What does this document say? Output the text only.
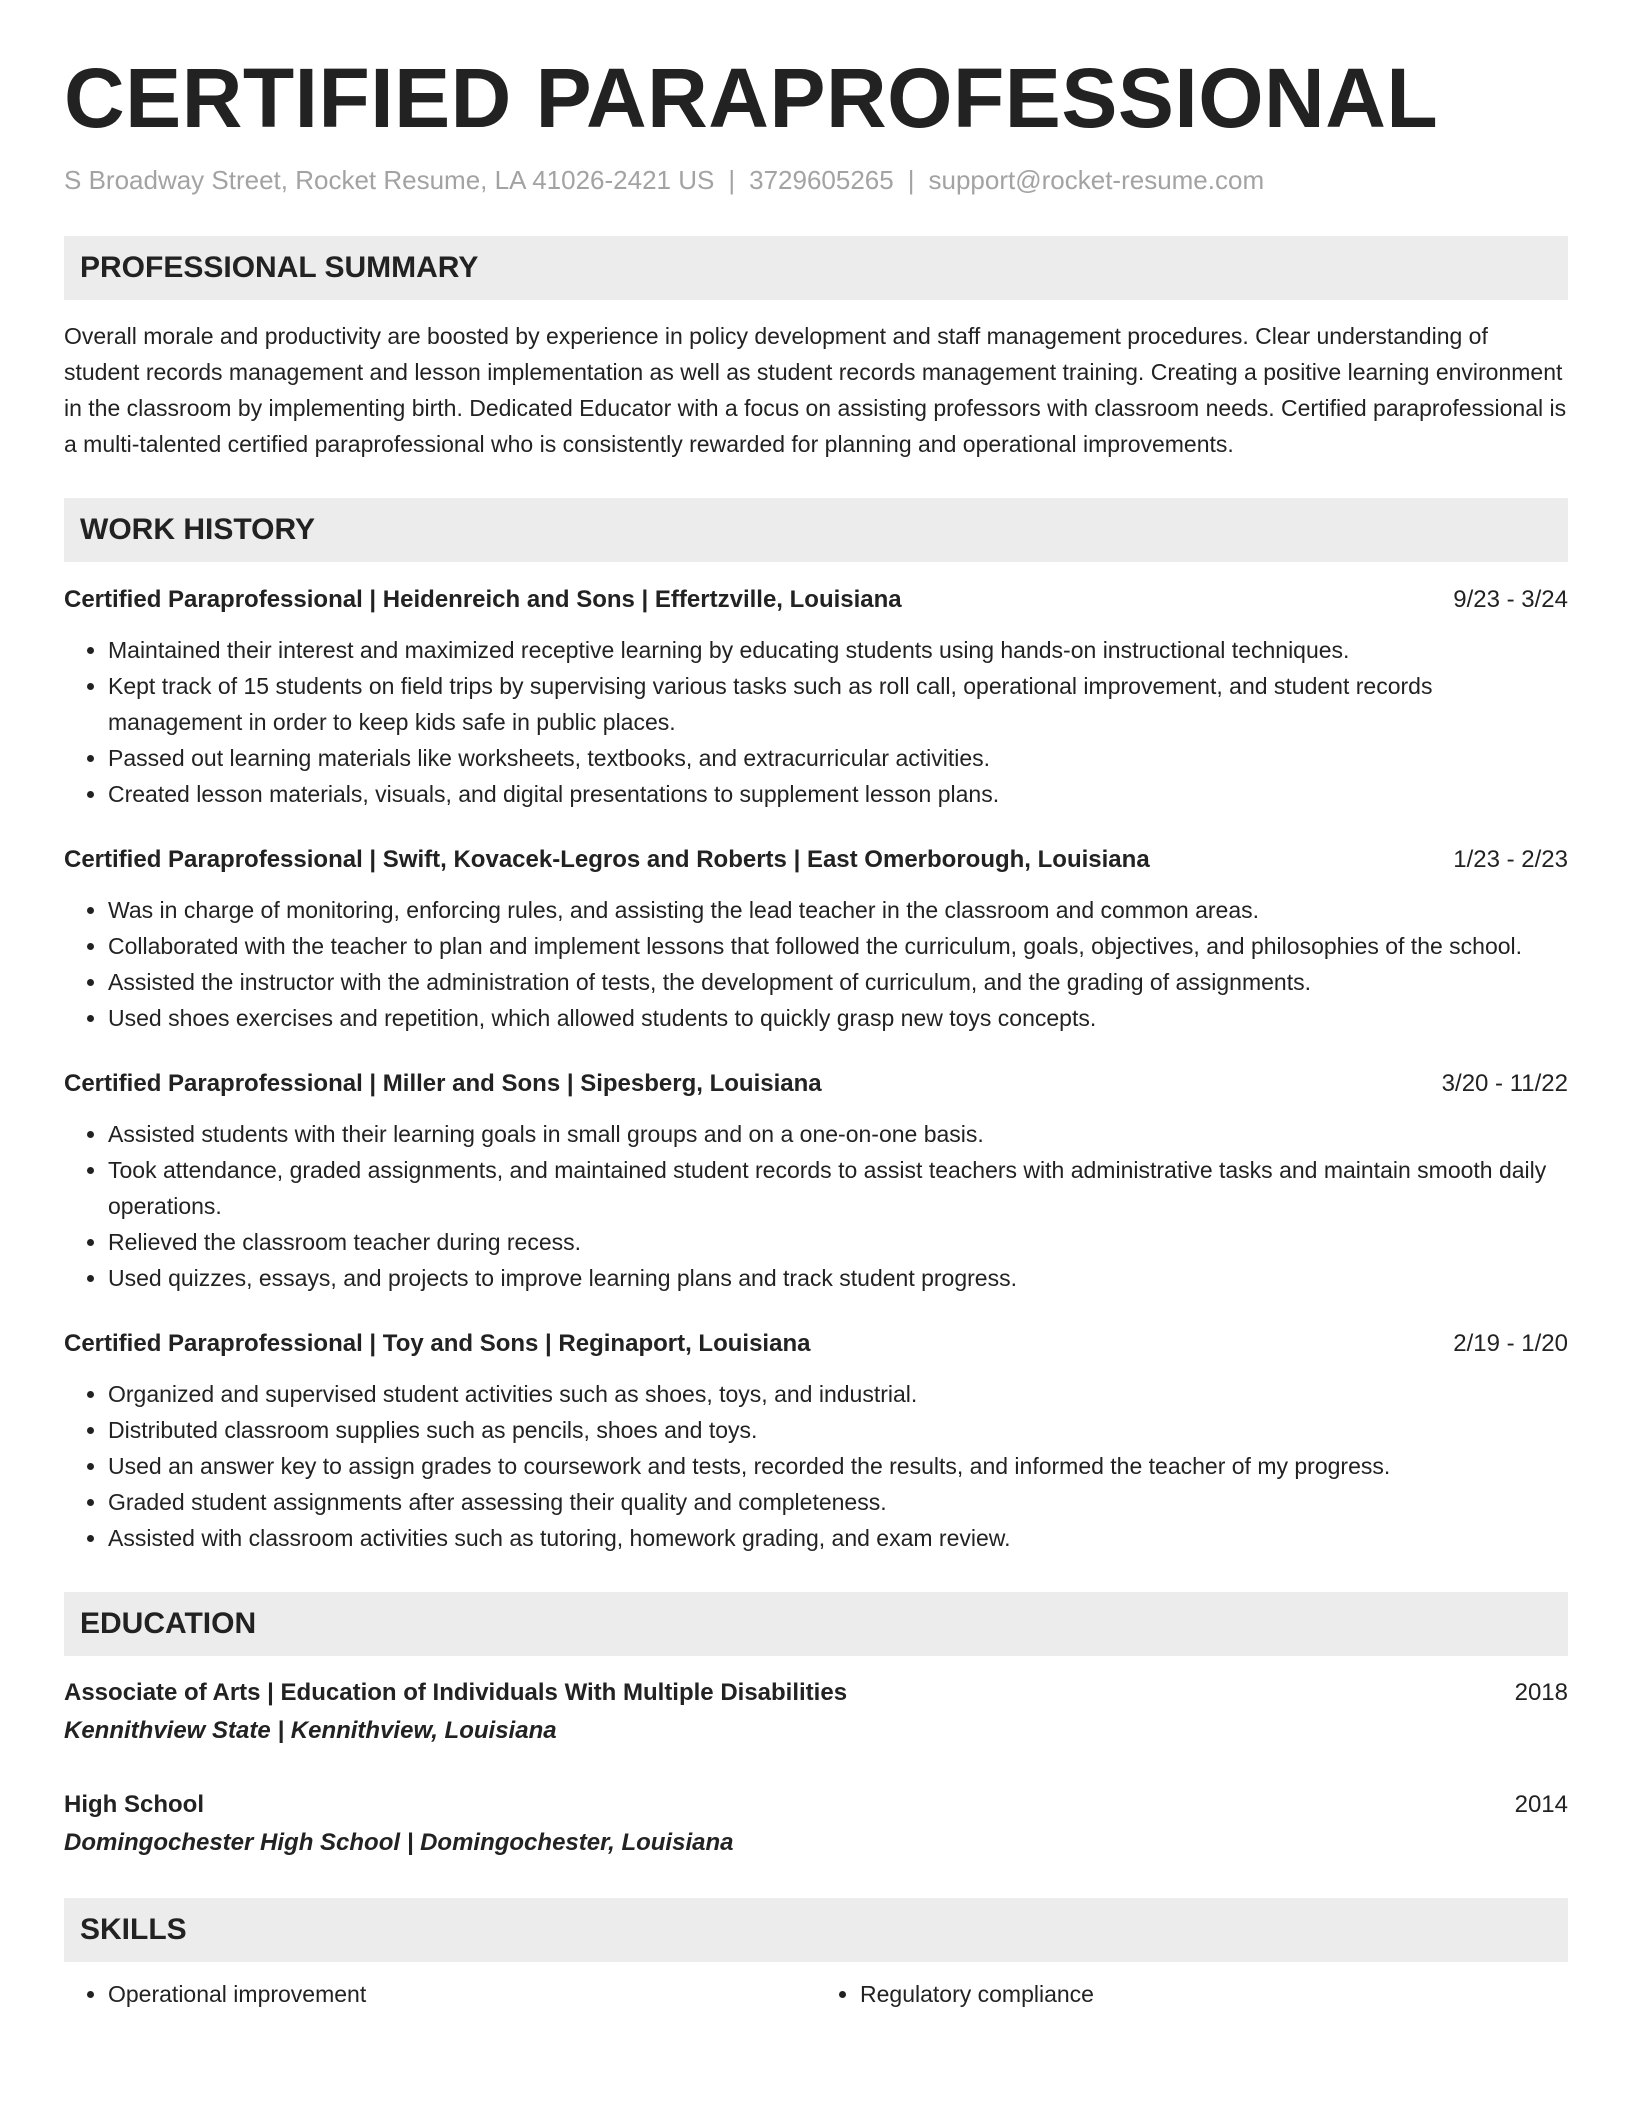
CERTIFIED PARAPROFESSIONAL
S Broadway Street, Rocket Resume, LA 41026-2421 US | 3729605265 | support@rocket-resume.com
PROFESSIONAL SUMMARY
Overall morale and productivity are boosted by experience in policy development and staff management procedures. Clear understanding of student records management and lesson implementation as well as student records management training. Creating a positive learning environment in the classroom by implementing birth. Dedicated Educator with a focus on assisting professors with classroom needs. Certified paraprofessional is a multi-talented certified paraprofessional who is consistently rewarded for planning and operational improvements.
WORK HISTORY
Certified Paraprofessional | Heidenreich and Sons | Effertzville, Louisiana	9/23 - 3/24
• Maintained their interest and maximized receptive learning by educating students using hands-on instructional techniques.
• Kept track of 15 students on field trips by supervising various tasks such as roll call, operational improvement, and student records management in order to keep kids safe in public places.
• Passed out learning materials like worksheets, textbooks, and extracurricular activities.
• Created lesson materials, visuals, and digital presentations to supplement lesson plans.
Certified Paraprofessional | Swift, Kovacek-Legros and Roberts | East Omerborough, Louisiana	1/23 - 2/23
• Was in charge of monitoring, enforcing rules, and assisting the lead teacher in the classroom and common areas.
• Collaborated with the teacher to plan and implement lessons that followed the curriculum, goals, objectives, and philosophies of the school.
• Assisted the instructor with the administration of tests, the development of curriculum, and the grading of assignments.
• Used shoes exercises and repetition, which allowed students to quickly grasp new toys concepts.
Certified Paraprofessional | Miller and Sons | Sipesberg, Louisiana	3/20 - 11/22
• Assisted students with their learning goals in small groups and on a one-on-one basis.
• Took attendance, graded assignments, and maintained student records to assist teachers with administrative tasks and maintain smooth daily operations.
• Relieved the classroom teacher during recess.
• Used quizzes, essays, and projects to improve learning plans and track student progress.
Certified Paraprofessional | Toy and Sons | Reginaport, Louisiana	2/19 - 1/20
• Organized and supervised student activities such as shoes, toys, and industrial.
• Distributed classroom supplies such as pencils, shoes and toys.
• Used an answer key to assign grades to coursework and tests, recorded the results, and informed the teacher of my progress.
• Graded student assignments after assessing their quality and completeness.
• Assisted with classroom activities such as tutoring, homework grading, and exam review.
EDUCATION
Associate of Arts | Education of Individuals With Multiple Disabilities	2018
Kennithview State | Kennithview, Louisiana
High School	2014
Domingochester High School | Domingochester, Louisiana
SKILLS
• Operational improvement
•	Regulatory compliance
